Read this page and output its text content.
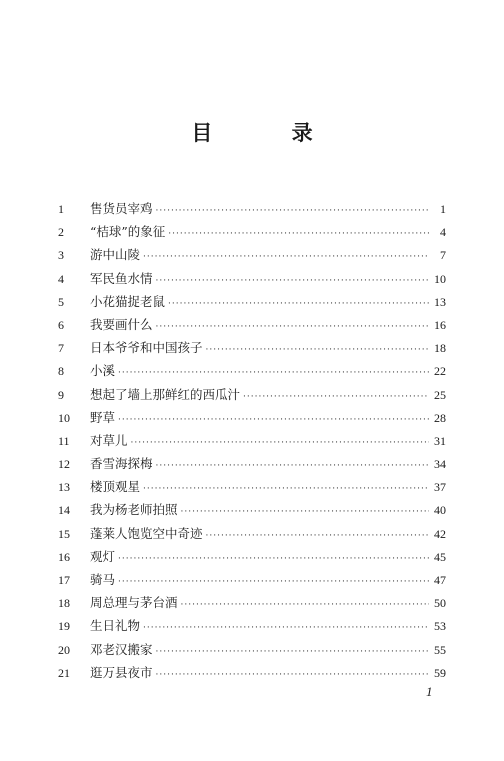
目 录
1	售货员宰鸡 ·····	1
2	“桔球”的象征 ·····	4
3	游中山陵 ·····	7
4	军民鱼水情 ·····	10
5	小花猫捉老鼠 ·····	13
6	我要画什么 ·····	16
7	日本爷爷和中国孩子 ·····	18
8	小溪 ·····	22
9	想起了墙上那鲜红的西瓜汁 ·····	25
10	野草 ·····	28
11	对草儿 ·····	31
12	香雪海探梅 ·····	34
13	楼顶观星 ·····	37
14	我为杨老师拍照 ·····	40
15	蓬莱人饱览空中奇迹 ·····	42
16	观灯 ·····	45
17	骑马 ·····	47
18	周总理与茅台酒 ·····	50
19	生日礼物 ·····	53
20	邓老汉搬家 ·····	55
21	逛万县夜市 ·····	59
1
